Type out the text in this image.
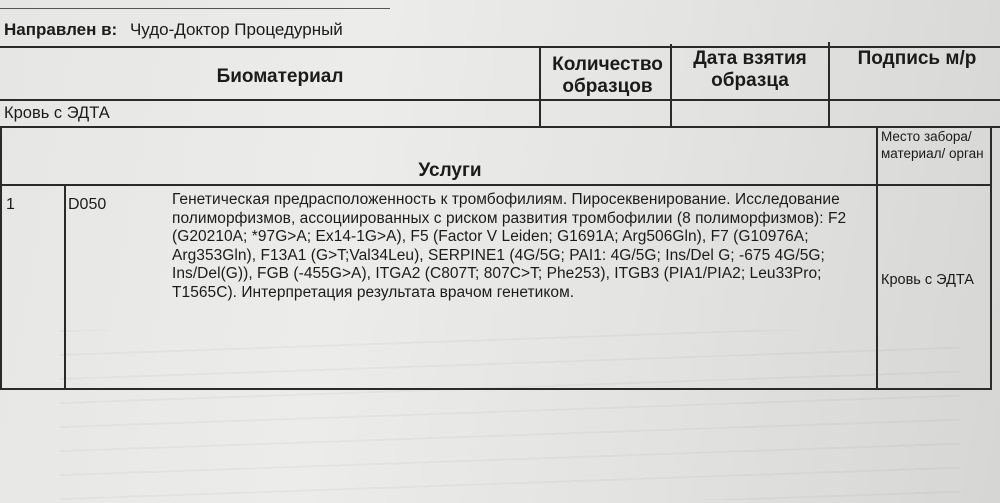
Направлен в: Чудо-Доктор Процедурный
Биоматериал
Количество образцов
Дата взятия образца
Подпись м/р
Кровь с ЭДТА
Услуги
Место забора/ материал/ орган
1	D050	Генетическая предрасположенность к тромбофилиям. Пиросеквенирование. Исследование
полиморфизмов, ассоциированных с риском развития тромбофилии (8 полиморфизмов): F2
(G20210A; *97G>A; Ex14-1G>A), F5 (Factor V Leiden; G1691A; Arg506Gln), F7 (G10976A;
Arg353Gln), F13A1 (G>T;Val34Leu), SERPINE1 (4G/5G; PAI1: 4G/5G; Ins/Del G; -675 4G/5G;
Ins/Del(G)), FGB (-455G>A), ITGA2 (C807T; 807C>T; Phe253), ITGB3 (PIA1/PIA2; Leu33Pro;
T1565C). Интерпретация результата врачом генетиком.
Кровь с ЭДТА
